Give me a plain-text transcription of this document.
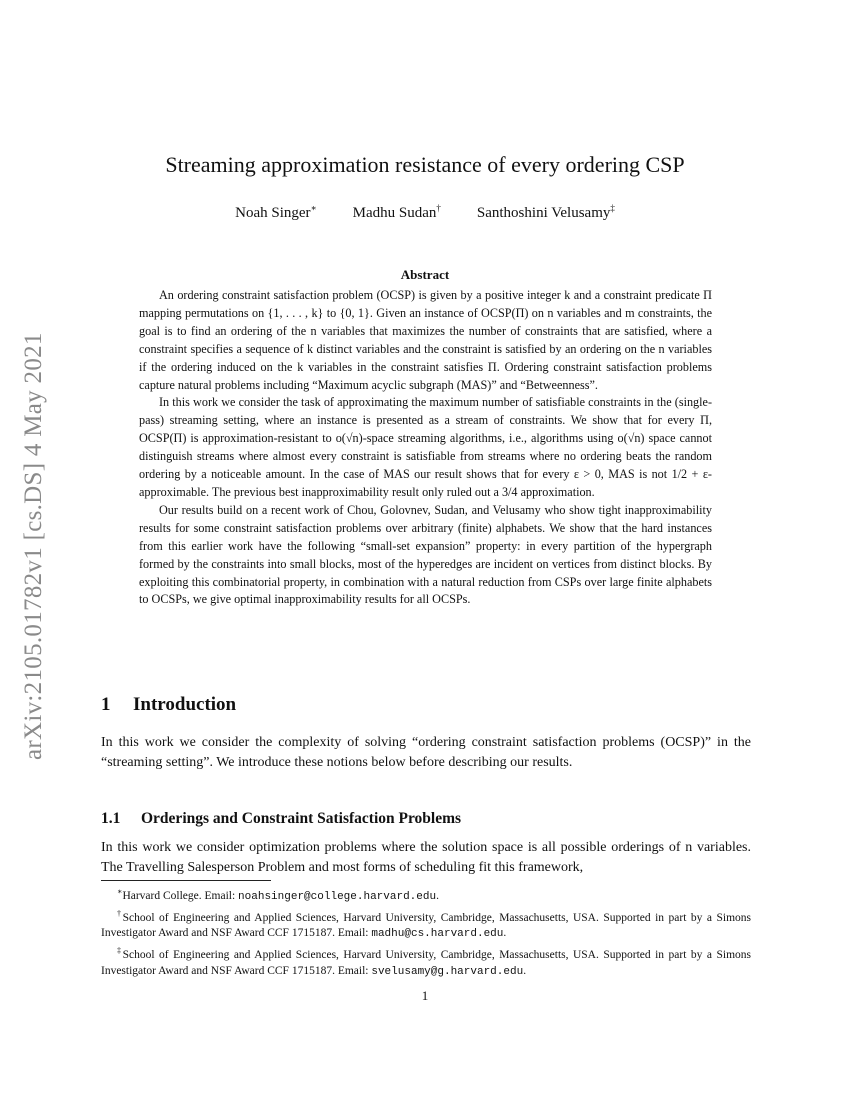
arXiv:2105.01782v1 [cs.DS] 4 May 2021
Streaming approximation resistance of every ordering CSP
Noah Singer∗ Madhu Sudan† Santhoshini Velusamy‡
Abstract

An ordering constraint satisfaction problem (OCSP) is given by a positive integer k and a constraint predicate Π mapping permutations on {1, . . . , k} to {0, 1}. Given an instance of OCSP(Π) on n variables and m constraints, the goal is to find an ordering of the n variables that maximizes the number of constraints that are satisfied, where a constraint specifies a sequence of k distinct variables and the constraint is satisfied by an ordering on the n variables if the ordering induced on the k variables in the constraint satisfies Π. Ordering constraint satisfaction problems capture natural problems including “Maximum acyclic subgraph (MAS)” and “Betweenness”.

In this work we consider the task of approximating the maximum number of satisfiable constraints in the (single-pass) streaming setting, where an instance is presented as a stream of constraints. We show that for every Π, OCSP(Π) is approximation-resistant to o(√n)-space streaming algorithms, i.e., algorithms using o(√n) space cannot distinguish streams where almost every constraint is satisfiable from streams where no ordering beats the random ordering by a noticeable amount. In the case of MAS our result shows that for every ε > 0, MAS is not 1/2 + ε-approximable. The previous best inapproximability result only ruled out a 3/4 approximation.

Our results build on a recent work of Chou, Golovnev, Sudan, and Velusamy who show tight inapproximability results for some constraint satisfaction problems over arbitrary (finite) alphabets. We show that the hard instances from this earlier work have the following “small-set expansion” property: in every partition of the hypergraph formed by the constraints into small blocks, most of the hyperedges are incident on vertices from distinct blocks. By exploiting this combinatorial property, in combination with a natural reduction from CSPs over large finite alphabets to OCSPs, we give optimal inapproximability results for all OCSPs.

1 Introduction
In this work we consider the complexity of solving “ordering constraint satisfaction problems (OCSP)” in the “streaming setting”. We introduce these notions below before describing our results.
1.1 Orderings and Constraint Satisfaction Problems
In this work we consider optimization problems where the solution space is all possible orderings of n variables. The Travelling Salesperson Problem and most forms of scheduling fit this framework,

∗Harvard College. Email: noahsinger@college.harvard.edu.

†School of Engineering and Applied Sciences, Harvard University, Cambridge, Massachusetts, USA. Supported in part by a Simons Investigator Award and NSF Award CCF 1715187. Email: madhu@cs.harvard.edu.

‡School of Engineering and Applied Sciences, Harvard University, Cambridge, Massachusetts, USA. Supported in part by a Simons Investigator Award and NSF Award CCF 1715187. Email: svelusamy@g.harvard.edu.

1
